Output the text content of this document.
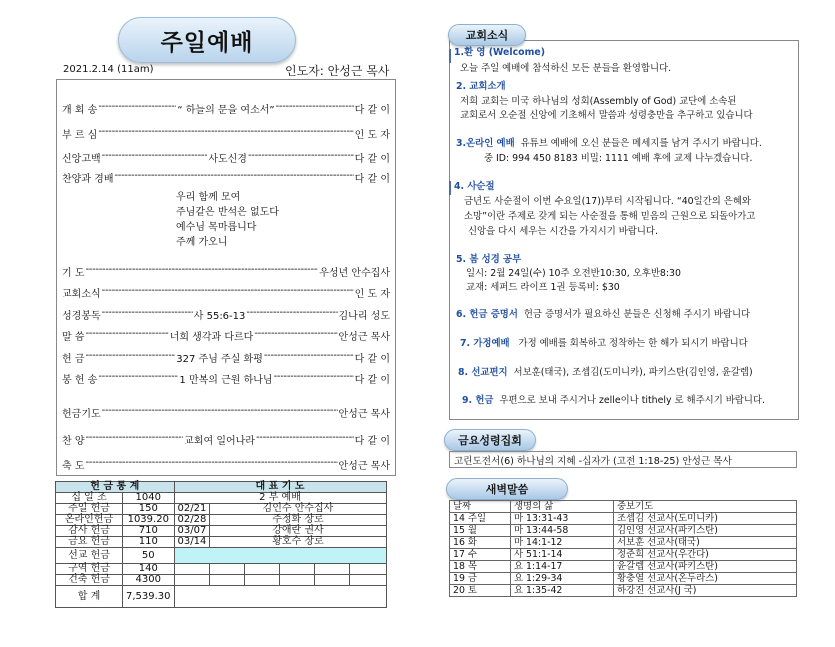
주일예배
2021.2.14 (11am)	인도자: 안성근 목사
개 회 송 -----	“ 하늘의 문을 여소서” -----	다 같 이
부 르 심 -----	인 도 자
신앙고백 -----	사도신경 -----	다 같 이
찬양과 경배 -----	다 같 이
기 도 -----	우성년 안수집사
교회소식 -----	인 도 자
성경봉독 -----	사 55:6-13 -----	김나리 성도
말 씀 -----	너희 생각과 다르다 -----	안성근 목사
헌 금 -----	327 주님 주실 화평 -----	다 같 이
봉 헌 송 -----	1 만복의 근원 하나님 -----	다 같 이
헌금기도 -----	안성근 목사
찬 양 -----	교회여 일어나라 -----	다 같 이
축 도 -----	안성근 목사
우리 함께 모여
주님같은 반석은 없도다
예수님 목마릅니다
주께 가오니
헌 금 통 계		대 표 기 도					
십 일 조	1040	2 부 예배					
주일 헌금	150	02/21	김인수 안수집사				
온라인헌금	1039.20	02/28	주정화 장로				
감사 헌금	710	03/07	강애란 권사				
금요 헌금	110	03/14	황호수 장로				
선교 헌금	50						
구역 헌금	140						
건축 헌금	4300						
합 계	7,539.30						
1.환 영 (Welcome)
오늘 주일 예배에 참석하신 모든 분들을 환영합니다.
2. 교회소개
저희 교회는 미국 하나님의 성회(Assembly of God) 교단에 소속된
교회로서 오순절 신앙에 기초해서 말씀과 성령충만을 추구하고 있습니다
3.온라인 예배 유튜브 예배에 오신 분들은 메세지를 남겨 주시기 바랍니다.
중 ID: 994 450 8183 비밀: 1111 예배 후에 교제 나누겠습니다.
4. 사순절
금년도 사순절이 이번 수요일(17))부터 시작됩니다. “40일간의 은혜와
소망”이란 주제로 갖게 되는 사순절을 통해 믿음의 근원으로 되돌아가고
신앙을 다시 세우는 시간을 가지시기 바랍니다.
5. 봄 성경 공부
일시: 2월 24일(수) 10주 오전반10:30, 오후반8:30
교재: 세퍼드 라이프 1권 등록비: $30
6. 헌금 증명서 헌금 증명서가 필요하신 분들은 신청해 주시기 바랍니다
7. 가정예배 가정 예배를 회복하고 정착하는 한 해가 되시기 바랍니다
8. 선교편지 서보훈(태국), 조셉김(도미니카), 파키스탄(김인영, 윤갈렙)
9. 헌금 우편으로 보내 주시거나 zelle이나 tithely 로 해주시기 바랍니다.
교회소식
금요성령집회
고린도전서(6) 하나님의 지혜 -십자가 (고전 1:18-25) 안성근 목사
새벽말씀
날짜	생명의 삶	중보기도
14 주일	마 13:31-43	조셉김 선교사(도미니카)
15 월	마 13:44-58	김인영 선교사(파키스탄)
16 화	마 14:1-12	서보훈 선교사(태국)
17 수	사 51:1-14	정준희 선교사(우간다)
18 목	요 1:14-17	윤갈렙 선교사(파키스탄)
19 금	요 1:29-34	황충열 선교사(온두라스)
20 토	요 1:35-42	하강진 선교사(J 국)
